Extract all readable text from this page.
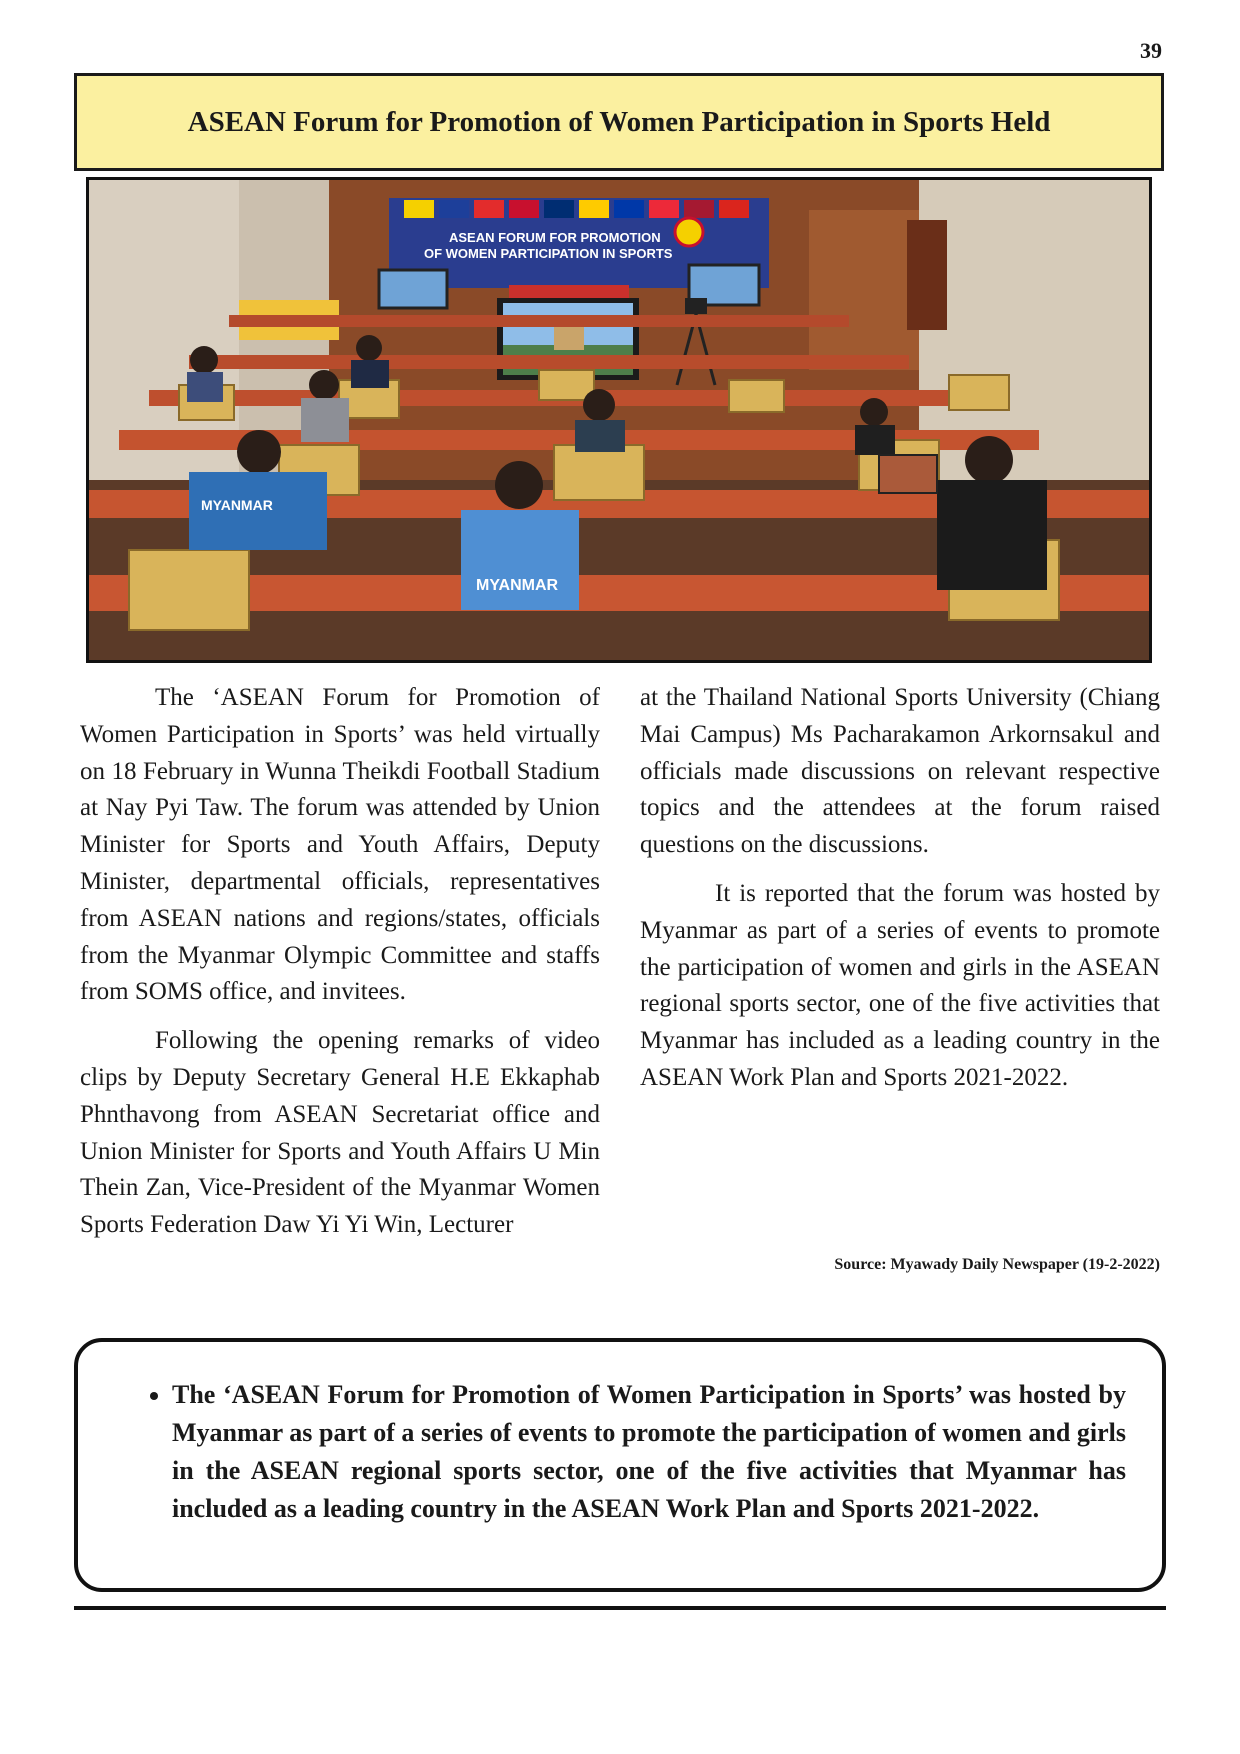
39
ASEAN Forum for Promotion of Women Participation in Sports Held
ASEAN FORUM FOR PROMOTION
OF WOMEN PARTICIPATION IN SPORTS
MYANMAR
MYANMAR

The ‘ASEAN Forum for Promotion of Women Participation in Sports’ was held virtually on 18 February in Wunna Theikdi Football Stadium at Nay Pyi Taw. The forum was attended by Union Minister for Sports and Youth Affairs, Deputy Minister, departmental officials, representatives from ASEAN nations and regions/states, officials from the Myanmar Olympic Committee and staffs from SOMS office, and invitees.

Following the opening remarks of video clips by Deputy Secretary General H.E Ekkaphab Phnthavong from ASEAN Secretariat office and Union Minister for Sports and Youth Affairs U Min Thein Zan, Vice-President of the Myanmar Women Sports Federation Daw Yi Yi Win, Lecturer

at the Thailand National Sports University (Chiang Mai Campus) Ms Pacharakamon Arkornsakul and officials made discussions on relevant respective topics and the attendees at the forum raised questions on the discussions.

It is reported that the forum was hosted by Myanmar as part of a series of events to promote the participation of women and girls in the ASEAN regional sports sector, one of the five activities that Myanmar has included as a leading country in the ASEAN Work Plan and Sports 2021-2022.

Source: Myawady Daily Newspaper (19-2-2022)
• The ‘ASEAN Forum for Promotion of Women Participation in Sports’ was hosted by Myanmar as part of a series of events to promote the participation of women and girls in the ASEAN regional sports sector, one of the five activities that Myanmar has included as a leading country in the ASEAN Work Plan and Sports 2021-2022.
